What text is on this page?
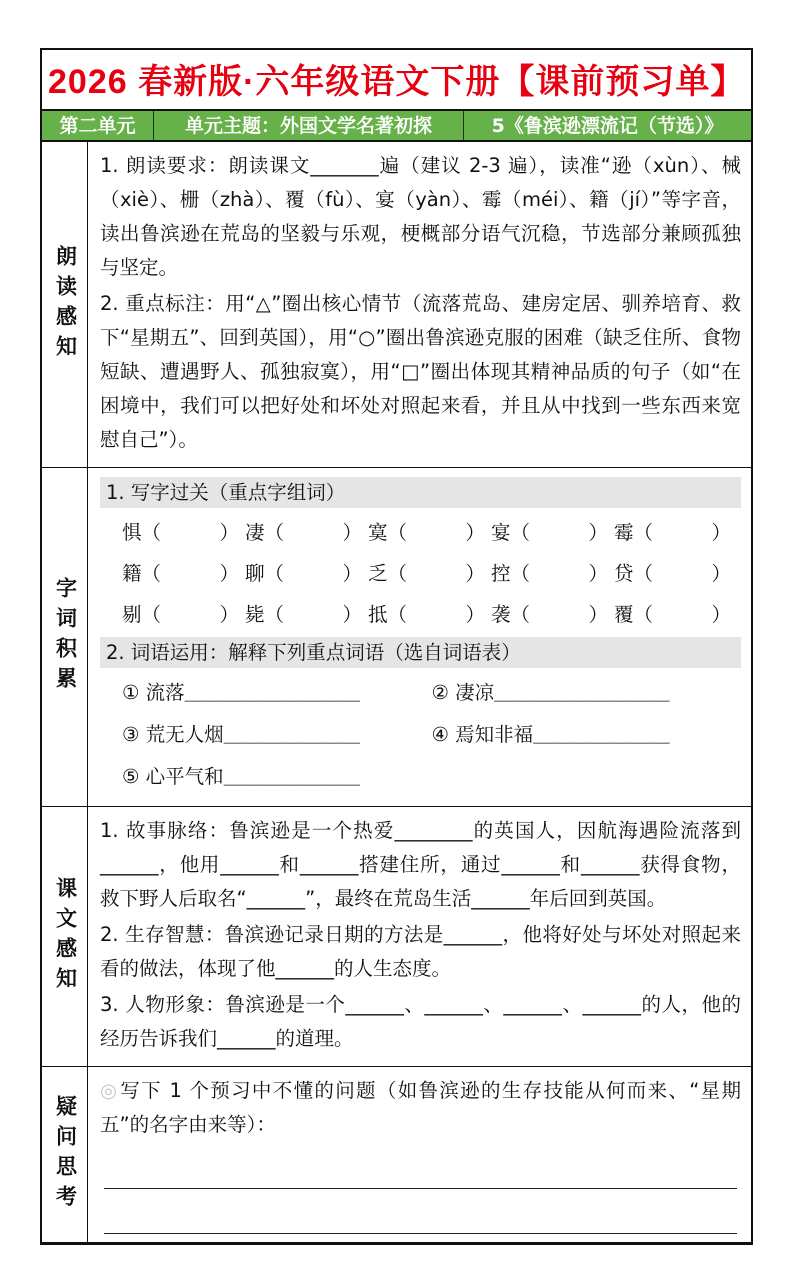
2026 春新版·六年级语文下册【课前预习单】
第二单元	单元主题：外国文学名著初探	5《鲁滨逊漂流记（节选）》
朗读感知

1. 朗读要求：朗读课文_______遍（建议 2-3 遍），读准“逊（xùn）、械（xiè）、栅（zhà）、覆（fù）、宴（yàn）、霉（méi）、籍（jí）”等字音，读出鲁滨逊在荒岛的坚毅与乐观，梗概部分语气沉稳，节选部分兼顾孤独与坚定。

2. 重点标注：用“△”圈出核心情节（流落荒岛、建房定居、驯养培育、救下“星期五”、回到英国），用“○”圈出鲁滨逊克服的困难（缺乏住所、食物短缺、遭遇野人、孤独寂寞），用“□”圈出体现其精神品质的句子（如“在困境中，我们可以把好处和坏处对照起来看，并且从中找到一些东西来宽慰自己”）。

字词积累
1. 写字过关（重点字组词）
惧（　　　） 凄（　　　） 寞（　　　） 宴（　　　） 霉（　　　）
籍（　　　） 聊（　　　） 乏（　　　） 控（　　　） 贷（　　　）
剔（　　　） 毙（　　　） 抵（　　　） 袭（　　　） 覆（　　　）
2. 词语运用：解释下列重点词语（选自词语表）
① 流落＿＿＿＿＿＿＿＿＿	② 凄凉＿＿＿＿＿＿＿＿＿
③ 荒无人烟＿＿＿＿＿＿＿	④ 焉知非福＿＿＿＿＿＿＿
⑤ 心平气和＿＿＿＿＿＿＿
课文感知

1. 故事脉络：鲁滨逊是一个热爱________的英国人，因航海遇险流落到______，他用______和______搭建住所，通过______和______获得食物，救下野人后取名“______”，最终在荒岛生活______年后回到英国。

2. 生存智慧：鲁滨逊记录日期的方法是______，他将好处与坏处对照起来看的做法，体现了他______的人生态度。

3. 人物形象：鲁滨逊是一个______、______、______、______的人，他的经历告诉我们______的道理。

疑问思考

◎ 写下 1 个预习中不懂的问题（如鲁滨逊的生存技能从何而来、“星期五”的名字由来等）：
